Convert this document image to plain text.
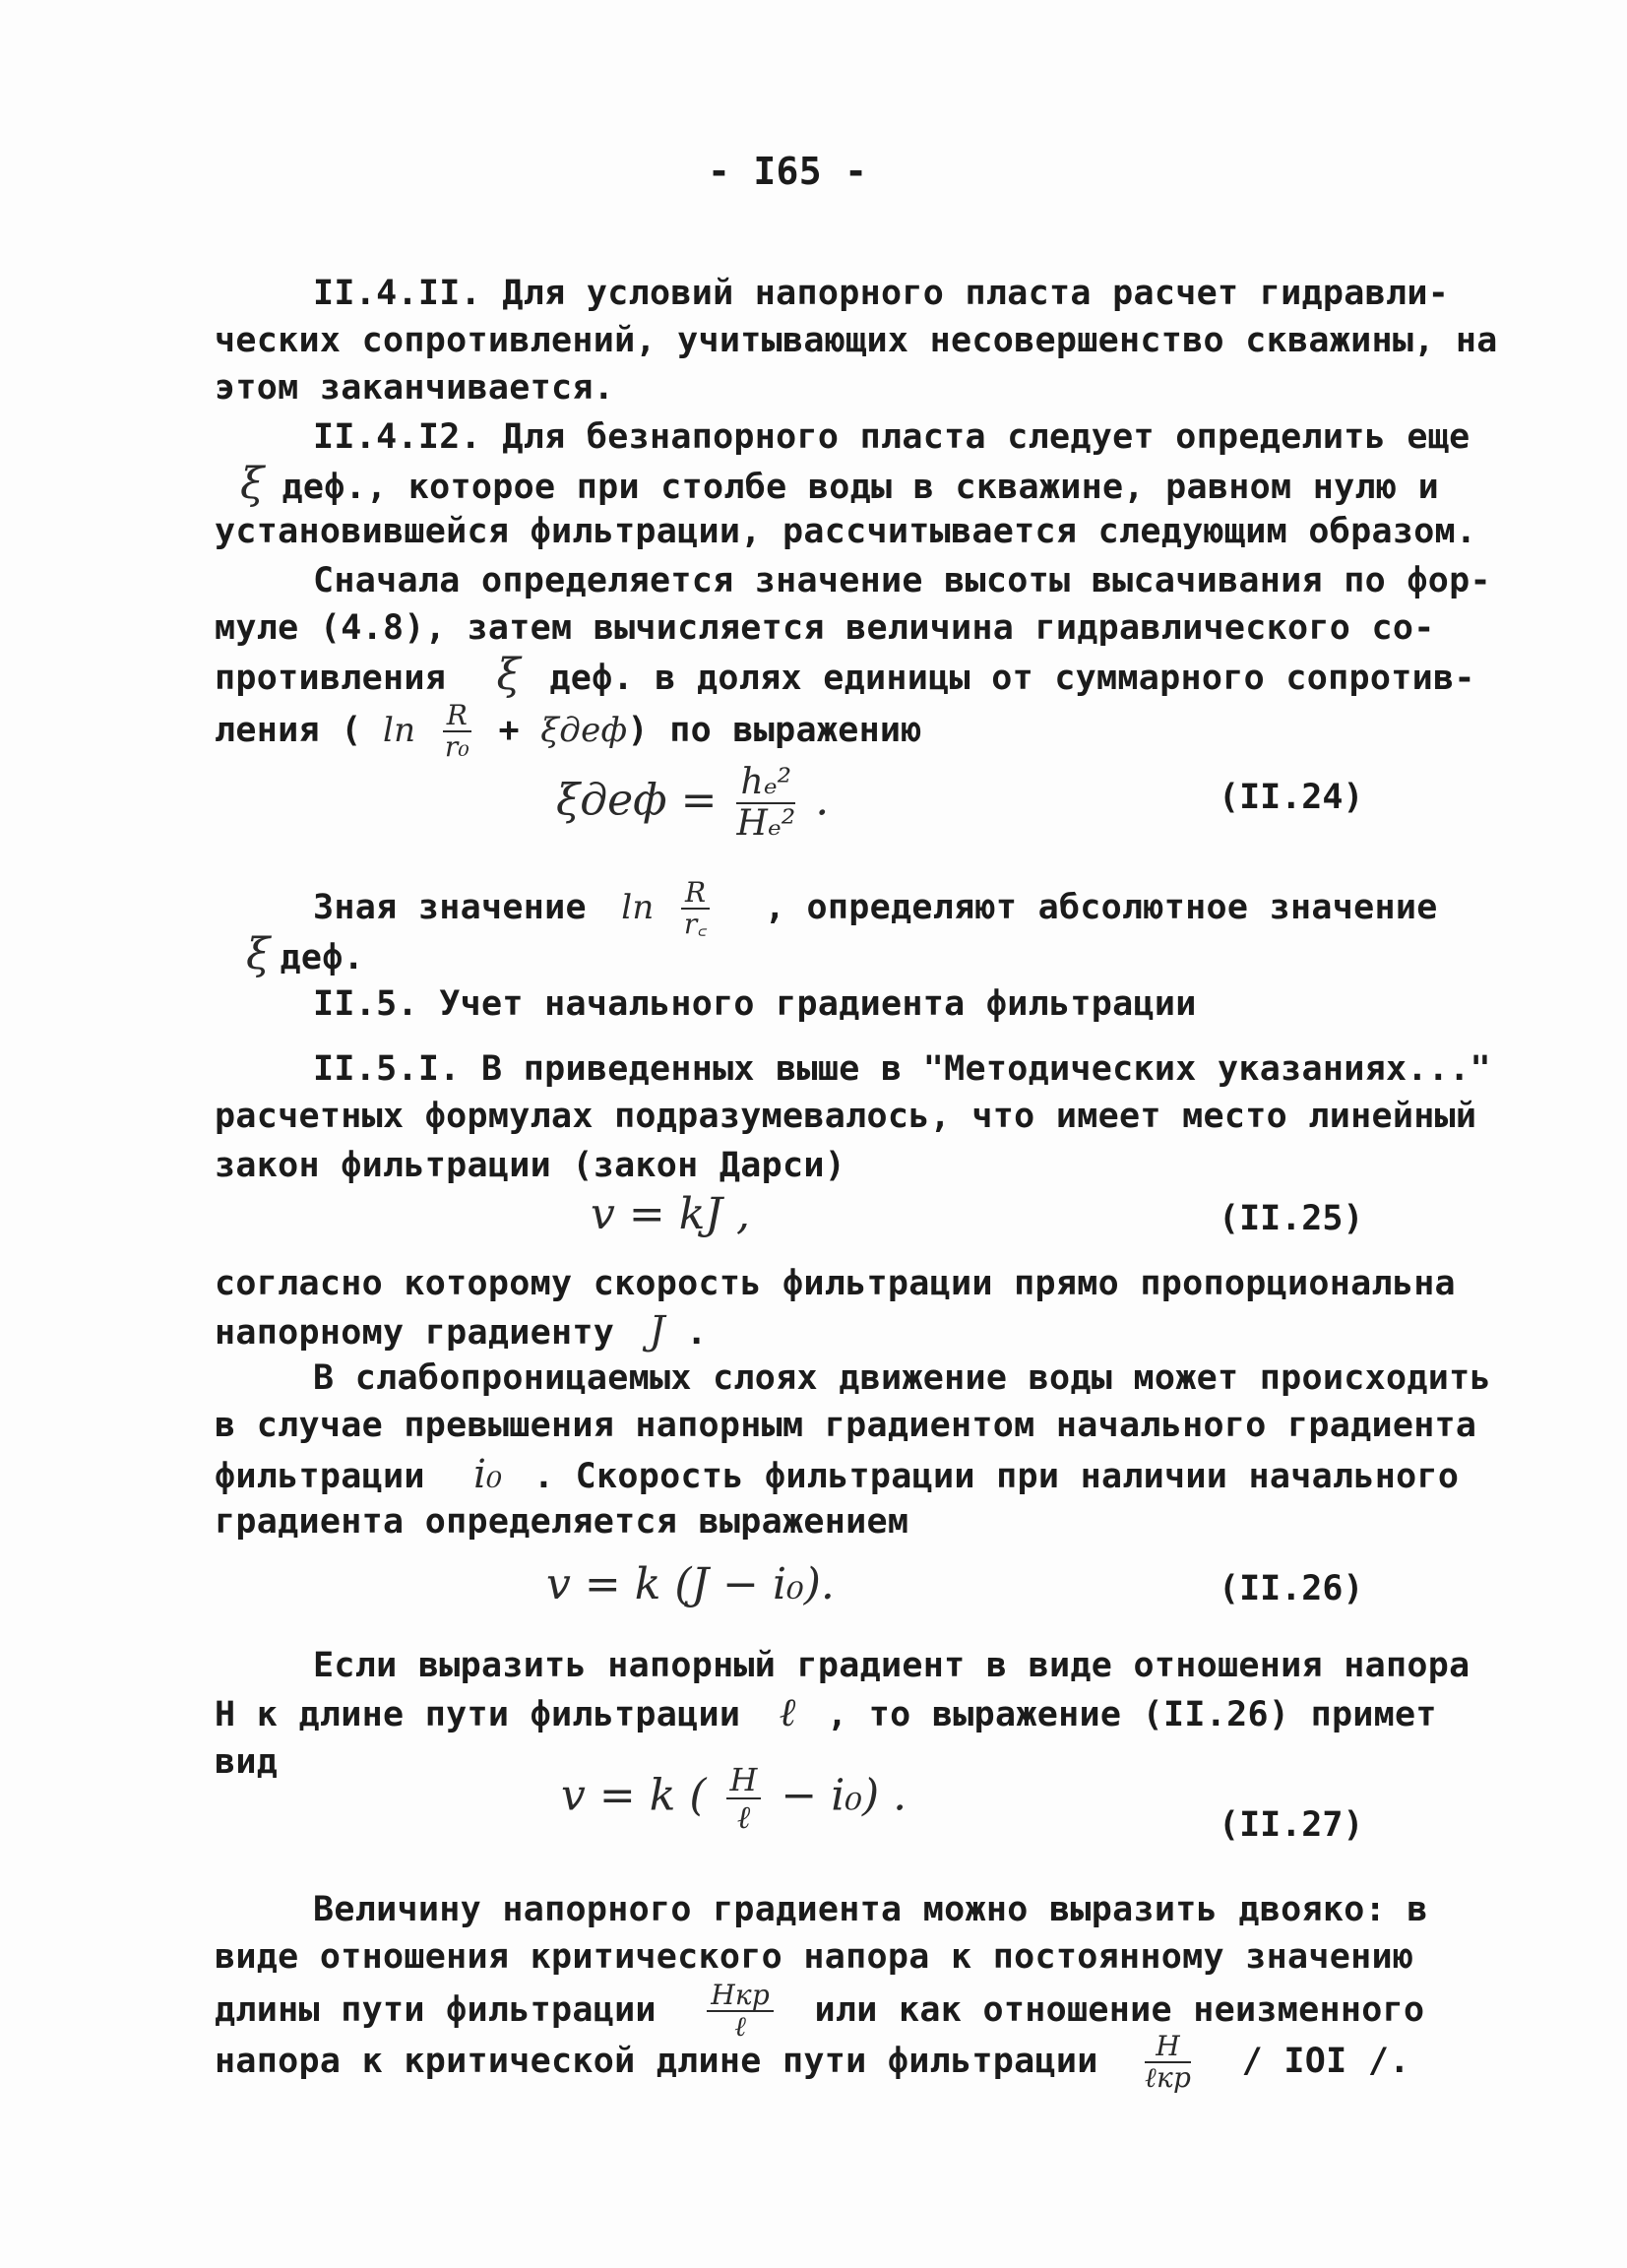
- I65 -
II.4.II. Для условий напорного пласта расчет гидравли-
ческих сопротивлений, учитывающих несовершенство скважины, на
этом заканчивается.
II.4.I2. Для безнапорного пласта следует определить еще
ξ деф., которое при столбе воды в скважине, равном нулю и
установившейся фильтрации, рассчитывается следующим образом.
Сначала определяется значение высоты высачивания по фор-
муле (4.8), затем вычисляется величина гидравлического со-
противления ξ деф. в долях единицы от суммарного сопротив-
ления ( $\ln \frac{R}{\text{r₀}} + \xi деф$) по выражению
$\xi деф = \frac{\text{hₑ²}}{\text{Hₑ²}}$ .	(II.24)
Зная значение $\ln \frac{R}{r꜀}$ , определяют абсолютное значение
ξ деф.
II.5. Учет начального градиента фильтрации
II.5.I. В приведенных выше в "Методических указаниях..."
расчетных формулах подразумевалось, что имеет место линейный
закон фильтрации (закон Дарси)
v = kJ ,	(II.25)
согласно которому скорость фильтрации прямо пропорциональна
напорному градиенту J .
В слабопроницаемых слоях движение воды может происходить
в случае превышения напорным градиентом начального градиента
фильтрации i₀ . Скорость фильтрации при наличии начального
градиента определяется выражением
v = k (J − i₀).	(II.26)
Если выразить напорный градиент в виде отношения напора
H к длине пути фильтрации ℓ , то выражение (II.26) примет
вид
v = k ( $\frac{H}{\text{ℓ}} - i_0$) .
(II.27)
Величину напорного градиента можно выразить двояко: в
виде отношения критического напора к постоянному значению
длины пути фильтрации $\frac{\text{Hкр}}{\text{ℓ}}$ или как отношение неизменного
напора к критической длине пути фильтрации $\frac{H}{\text{ℓкр}}$ / IOI /.
